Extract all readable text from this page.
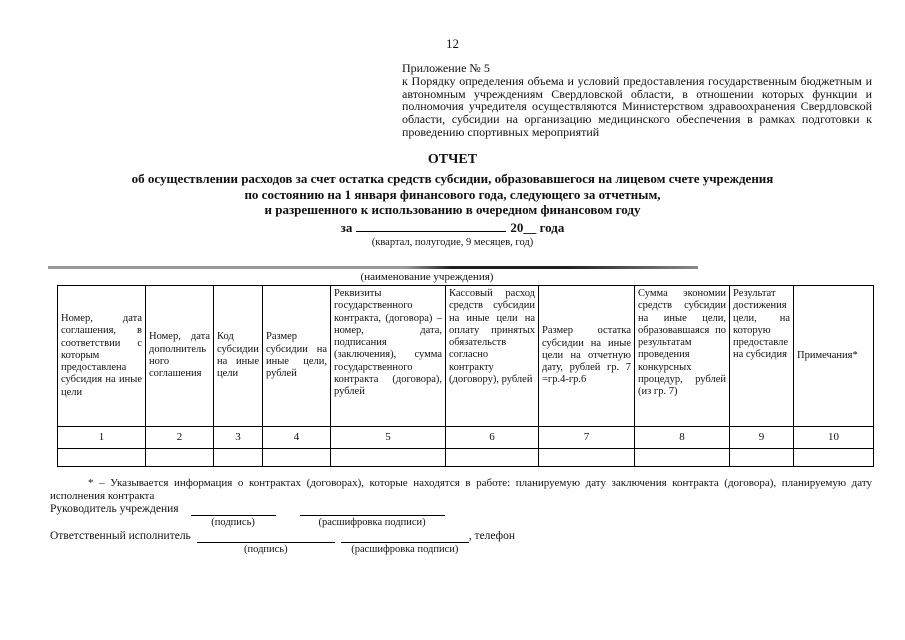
12
Приложение № 5
к Порядку определения объема и условий предоставления государственным бюджетным и автономным учреждениям Свердловской области, в отношении которых функции и полномочия учредителя осуществляются Министерством здравоохранения Свердловской области, субсидии на организацию медицинского обеспечения в рамках подготовки к проведению спортивных мероприятий
ОТЧЕТ
об осуществлении расходов за счет остатка средств субсидии, образовавшегося на лицевом счете учреждения
по состоянию на 1 января финансового года, следующего за отчетным,
и разрешенного к использованию в очередном финансовом году
за	20__ года
(квартал, полугодие, 9 месяцев, год)
(наименование учреждения)
Номер, дата соглашения, в соответствии с которым предоставлена субсидия на иные цели	Номер, дата дополнительного соглашения	Код субсидии на иные цели	Размер субсидии на иные цели, рублей	Реквизиты государственного контракта, (договора) – номер, дата, подписания (заключения), сумма государственного контракта (договора), рублей	Кассовый расход средств субсидии на иные цели на оплату принятых обязательств согласно контракту (договору), рублей	Размер остатка субсидии на иные цели на отчетную дату, рублей гр. 7 =гр.4-гр.6	Сумма экономии средств субсидии на иные цели, образовавшаяся по результатам проведения конкурсных процедур, рублей (из гр. 7)	Результат достижения цели, на которую предоставлена субсидия	Примечания*
1	2	3	4	5	6	7	8	9	10

* – Указывается информация о контрактах (договорах), которые находятся в работе: планируемую дату заключения контракта (договора), планируемую дату исполнения контракта
Руководитель учреждения
(подпись)	(расшифровка подписи)
Ответственный исполнитель
(подпись)	(расшифровка подписи)
, телефон
